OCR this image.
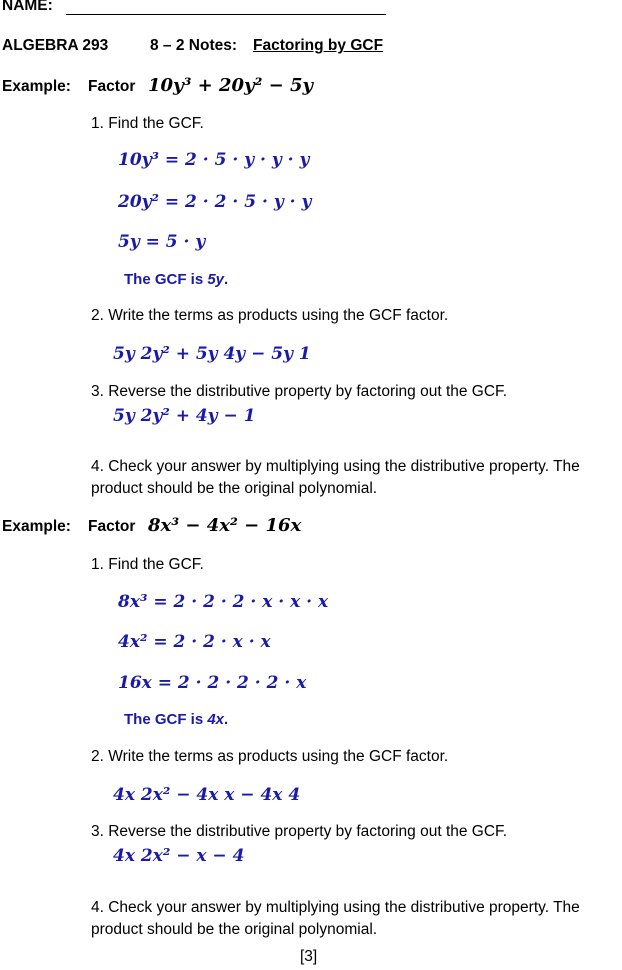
NAME:
ALGEBRA 293	8 – 2 Notes: Factoring by GCF
Example: Factor 10y³ + 20y² − 5y
1. Find the GCF.
10y³ = 2 · 5 · y · y · y
20y² = 2 · 2 · 5 · y · y
5y = 5 · y
The GCF is 5y.
2. Write the terms as products using the GCF factor.
5y 2y² + 5y 4y − 5y 1
3. Reverse the distributive property by factoring out the GCF.
5y 2y² + 4y − 1
4. Check your answer by multiplying using the distributive property. The product should be the original polynomial.
Example: Factor 8x³ − 4x² − 16x
1. Find the GCF.
8x³ = 2 · 2 · 2 · x · x · x
4x² = 2 · 2 · x · x
16x = 2 · 2 · 2 · 2 · x
The GCF is 4x.
2. Write the terms as products using the GCF factor.
4x 2x² − 4x x − 4x 4
3. Reverse the distributive property by factoring out the GCF.
4x 2x² − x − 4
4. Check your answer by multiplying using the distributive property. The product should be the original polynomial.
[3]
